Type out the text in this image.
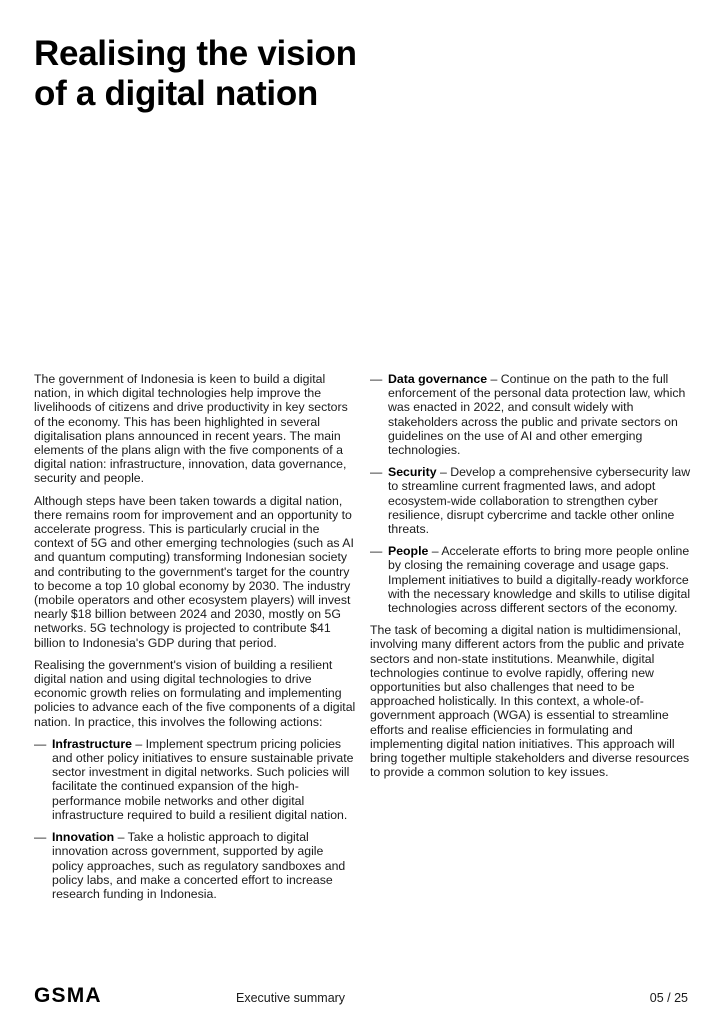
Realising the vision
of a digital nation

The government of Indonesia is keen to build a digital nation, in which digital technologies help improve the livelihoods of citizens and drive productivity in key sectors of the economy. This has been highlighted in several digitalisation plans announced in recent years. The main elements of the plans align with the five components of a digital nation: infrastructure, innovation, data governance, security and people.

Although steps have been taken towards a digital nation, there remains room for improvement and an opportunity to accelerate progress. This is particularly crucial in the context of 5G and other emerging technologies (such as AI and quantum computing) transforming Indonesian society and contributing to the government's target for the country to become a top 10 global economy by 2030. The industry (mobile operators and other ecosystem players) will invest nearly $18 billion between 2024 and 2030, mostly on 5G networks. 5G technology is projected to contribute $41 billion to Indonesia's GDP during that period.

Realising the government's vision of building a resilient digital nation and using digital technologies to drive economic growth relies on formulating and implementing policies to advance each of the five components of a digital nation. In practice, this involves the following actions:

— Infrastructure – Implement spectrum pricing policies and other policy initiatives to ensure sustainable private sector investment in digital networks. Such policies will facilitate the continued expansion of the high-performance mobile networks and other digital infrastructure required to build a resilient digital nation.
— Innovation – Take a holistic approach to digital innovation across government, supported by agile policy approaches, such as regulatory sandboxes and policy labs, and make a concerted effort to increase research funding in Indonesia.
— Data governance – Continue on the path to the full enforcement of the personal data protection law, which was enacted in 2022, and consult widely with stakeholders across the public and private sectors on guidelines on the use of AI and other emerging technologies.
— Security – Develop a comprehensive cybersecurity law to streamline current fragmented laws, and adopt ecosystem-wide collaboration to strengthen cyber resilience, disrupt cybercrime and tackle other online threats.
— People – Accelerate efforts to bring more people online by closing the remaining coverage and usage gaps. Implement initiatives to build a digitally-ready workforce with the necessary knowledge and skills to utilise digital technologies across different sectors of the economy.

The task of becoming a digital nation is multidimensional, involving many different actors from the public and private sectors and non-state institutions. Meanwhile, digital technologies continue to evolve rapidly, offering new opportunities but also challenges that need to be approached holistically. In this context, a whole-of-government approach (WGA) is essential to streamline efforts and realise efficiencies in formulating and implementing digital nation initiatives. This approach will bring together multiple stakeholders and diverse resources to provide a common solution to key issues.

GSMA	Executive summary	05 / 25
